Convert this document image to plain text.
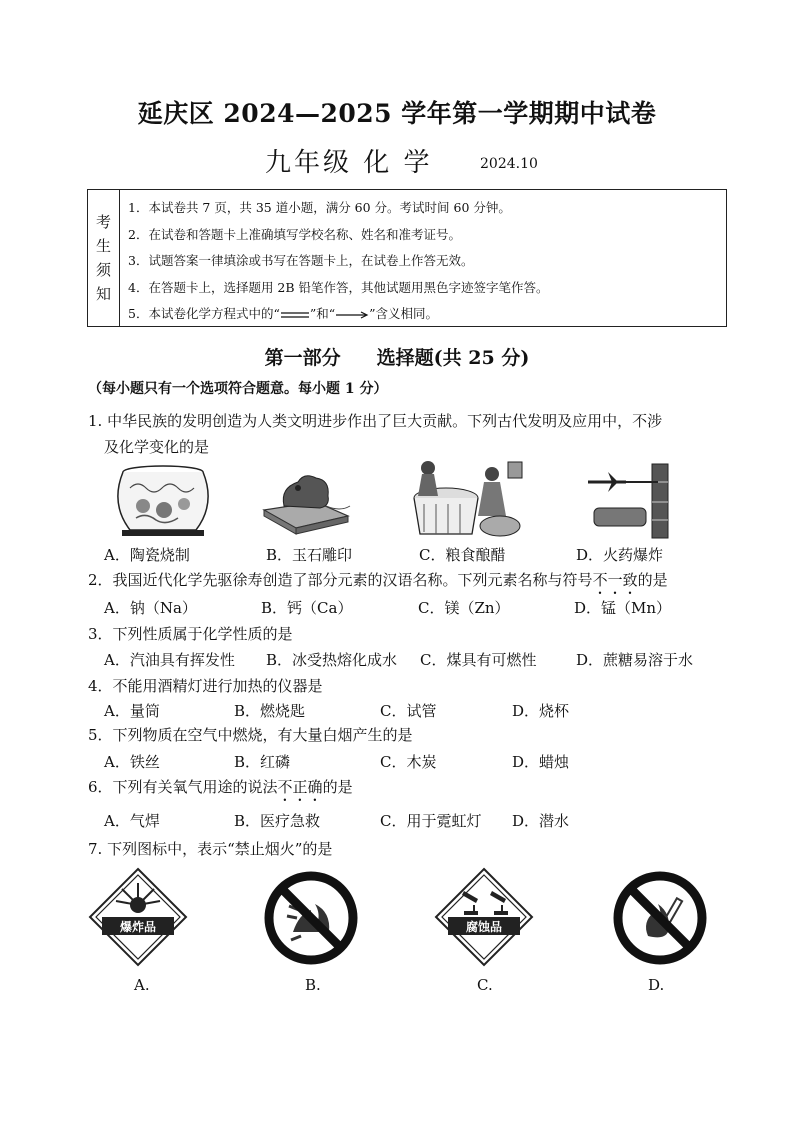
延庆区 2024—2025 学年第一学期期中试卷
九年级 化 学	2024.10
考
生
须
知
1．本试卷共 7 页，共 35 道小题，满分 60 分。考试时间 60 分钟。
2．在试卷和答题卡上准确填写学校名称、姓名和准考证号。
3．试题答案一律填涂或书写在答题卡上，在试卷上作答无效。
4．在答题卡上，选择题用 2B 铅笔作答，其他试题用黑色字迹签字笔作答。
5．本试卷化学方程式中的“ ”和“	”含义相同。
第一部分 选择题(共 25 分)
（每小题只有一个选项符合题意。每小题 1 分）
1. 中华民族的发明创造为人类文明进步作出了巨大贡献。下列古代发明及应用中，不涉
及化学变化的是
A．陶瓷烧制	B．玉石雕印	C．粮食酿醋	D．火药爆炸
2．我国近代化学先驱徐寿创造了部分元素的汉语名称。下列元素名称与符号不一致的是
A．钠（Na）	B．钙（Ca）	C．镁（Zn）	D．锰（Mn）
3．下列性质属于化学性质的是
A．汽油具有挥发性 B．冰受热熔化成水 C．煤具有可燃性	D．蔗糖易溶于水
4．不能用酒精灯进行加热的仪器是
A．量筒	B．燃烧匙	C．试管	D．烧杯
5．下列物质在空气中燃烧，有大量白烟产生的是
A．铁丝	B．红磷	C．木炭	D．蜡烛
6．下列有关氧气用途的说法不正确的是
A．气焊	B．医疗急救	C．用于霓虹灯 D．潜水
7. 下列图标中，表示“禁止烟火”的是
爆炸品	腐蚀品
A.	B.	C.	D.
